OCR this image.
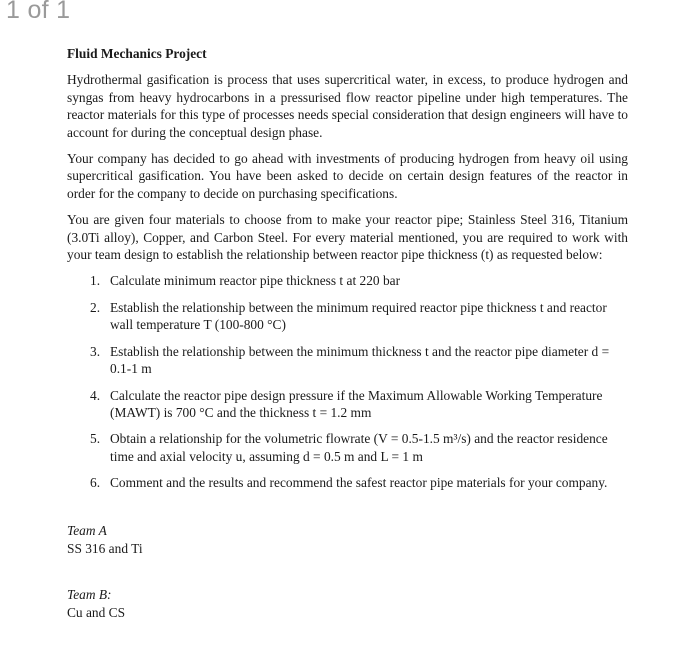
1 of 1
Fluid Mechanics Project

Hydrothermal gasification is process that uses supercritical water, in excess, to produce hydrogen and syngas from heavy hydrocarbons in a pressurised flow reactor pipeline under high temperatures. The reactor materials for this type of processes needs special consideration that design engineers will have to account for during the conceptual design phase.

Your company has decided to go ahead with investments of producing hydrogen from heavy oil using supercritical gasification. You have been asked to decide on certain design features of the reactor in order for the company to decide on purchasing specifications.

You are given four materials to choose from to make your reactor pipe; Stainless Steel 316, Titanium (3.0Ti alloy), Copper, and Carbon Steel. For every material mentioned, you are required to work with your team design to establish the relationship between reactor pipe thickness (t) as requested below:

1. Calculate minimum reactor pipe thickness t at 220 bar
2. Establish the relationship between the minimum required reactor pipe thickness t and reactor wall temperature T (100-800 °C)
3. Establish the relationship between the minimum thickness t and the reactor pipe diameter d = 0.1-1 m
4. Calculate the reactor pipe design pressure if the Maximum Allowable Working Temperature (MAWT) is 700 °C and the thickness t = 1.2 mm
5. Obtain a relationship for the volumetric flowrate (V = 0.5-1.5 m³/s) and the reactor residence time and axial velocity u, assuming d = 0.5 m and L = 1 m
6. Comment and the results and recommend the safest reactor pipe materials for your company.
Team A
SS 316 and Ti
Team B:
Cu and CS
